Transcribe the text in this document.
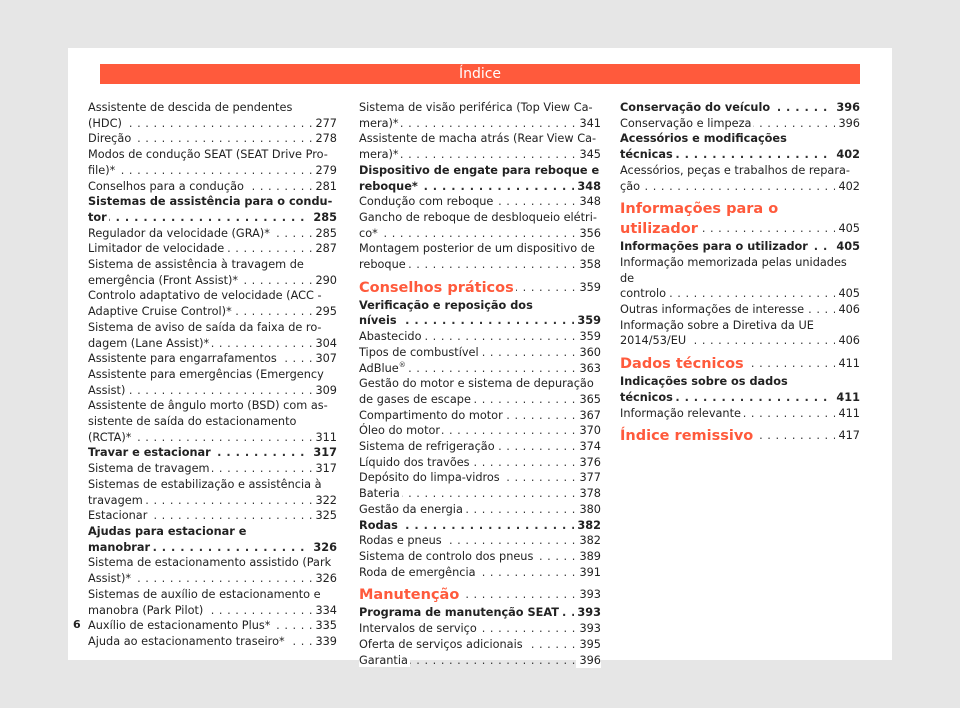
Índice
Assistente de descida de pendentes
(HDC) . . .	277
Direção . . .	278
Modos de condução SEAT (SEAT Drive Pro-
file)* . . .	279
Conselhos para a condução . . .	281
Sistemas de assistência para o condu-
tor . . .	285
Regulador da velocidade (GRA)* . . .	285
Limitador de velocidade . . .	287
Sistema de assistência à travagem de
emergência (Front Assist)* . . .	290
Controlo adaptativo de velocidade (ACC -
Adaptive Cruise Control)* . . .	295
Sistema de aviso de saída da faixa de ro-
dagem (Lane Assist)* . . .	304
Assistente para engarrafamentos . . .	307
Assistente para emergências (Emergency
Assist) . . .	309
Assistente de ângulo morto (BSD) com as-
sistente de saída do estacionamento
(RCTA)* . . .	311
Travar e estacionar . . .	317
Sistema de travagem . . .	317
Sistemas de estabilização e assistência à
travagem . . .	322
Estacionar . . .	325
Ajudas para estacionar e manobrar . . .	326
Sistema de estacionamento assistido (Park
Assist)* . . .	326
Sistemas de auxílio de estacionamento e
manobra (Park Pilot) . . .	334
Auxílio de estacionamento Plus* . . .	335
Ajuda ao estacionamento traseiro* . . .	339
Sistema de visão periférica (Top View Ca-
mera)* . . .	341
Assistente de macha atrás (Rear View Ca-
mera)* . . .	345
Dispositivo de engate para reboque e
reboque* . . .	348
Condução com reboque . . .	348
Gancho de reboque de desbloqueio elétri-
co* . . .	356
Montagem posterior de um dispositivo de
reboque . . .	358
Conselhos práticos . . .	359
Verificação e reposição dos níveis . . .	359
Abastecido . . .	359
Tipos de combustível . . .	360
AdBlue® . . .	363
Gestão do motor e sistema de depuração
de gases de escape . . .	365
Compartimento do motor . . .	367
Óleo do motor . . .	370
Sistema de refrigeração . . .	374
Líquido dos travões . . .	376
Depósito do limpa-vidros . . .	377
Bateria . . .	378
Gestão da energia . . .	380
Rodas . . .	382
Rodas e pneus . . .	382
Sistema de controlo dos pneus . . .	389
Roda de emergência . . .	391
Manutenção . . .	393
Programa de manutenção SEAT . . .	393
Intervalos de serviço . . .	393
Oferta de serviços adicionais . . .	395
Garantia . . .	396
Conservação do veículo . . .	396
Conservação e limpeza . . .	396
Acessórios e modificações técnicas . . .	402
Acessórios, peças e trabalhos de repara-
ção . . .	402
Informações para o utilizador . . .	405
Informações para o utilizador . . .	405
Informação memorizada pelas unidades de
controlo . . .	405
Outras informações de interesse . . .	406
Informação sobre a Diretiva da UE
2014/53/EU . . .	406
Dados técnicos . . .	411
Indicações sobre os dados técnicos . . .	411
Informação relevante . . .	411
Índice remissivo . . .	417
6
